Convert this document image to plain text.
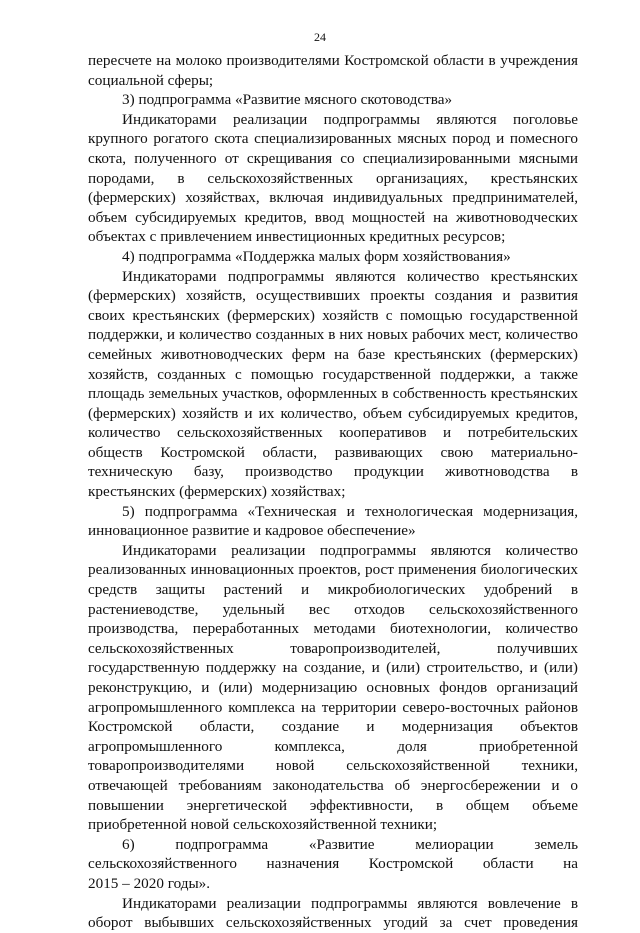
24
пересчете на молоко производителями Костромской области в учреждения
социальной сферы;
3) подпрограмма «Развитие мясного скотоводства»
Индикаторами реализации подпрограммы являются поголовье
крупного рогатого скота специализированных мясных пород и помесного
скота, полученного от скрещивания со специализированными мясными
породами, в сельскохозяйственных организациях, крестьянских
(фермерских) хозяйствах, включая индивидуальных предпринимателей,
объем субсидируемых кредитов, ввод мощностей на животноводческих
объектах с привлечением инвестиционных кредитных ресурсов;
4) подпрограмма «Поддержка малых форм хозяйствования»
Индикаторами подпрограммы являются количество крестьянских
(фермерских) хозяйств, осуществивших проекты создания и развития
своих крестьянских (фермерских) хозяйств с помощью государственной
поддержки, и количество созданных в них новых рабочих мест, количество
семейных животноводческих ферм на базе крестьянских (фермерских)
хозяйств, созданных с помощью государственной поддержки, а также
площадь земельных участков, оформленных в собственность крестьянских
(фермерских) хозяйств и их количество, объем субсидируемых кредитов,
количество сельскохозяйственных кооперативов и потребительских
обществ Костромской области, развивающих свою материально-
техническую базу, производство продукции животноводства в
крестьянских (фермерских) хозяйствах;
5) подпрограмма «Техническая и технологическая модернизация,
инновационное развитие и кадровое обеспечение»
Индикаторами реализации подпрограммы являются количество
реализованных инновационных проектов, рост применения биологических
средств защиты растений и микробиологических удобрений в
растениеводстве, удельный вес отходов сельскохозяйственного
производства, переработанных методами биотехнологии, количество
сельскохозяйственных товаропроизводителей, получивших
государственную поддержку на создание, и (или) строительство, и (или)
реконструкцию, и (или) модернизацию основных фондов организаций
агропромышленного комплекса на территории северо-восточных районов
Костромской области, создание и модернизация объектов
агропромышленного комплекса, доля приобретенной
товаропроизводителями новой сельскохозяйственной техники,
отвечающей требованиям законодательства об энергосбережении и о
повышении энергетической эффективности, в общем объеме
приобретенной новой сельскохозяйственной техники;
6) подпрограмма «Развитие мелиорации земель
сельскохозяйственного назначения Костромской области на
2015 – 2020 годы».
Индикаторами реализации подпрограммы являются вовлечение в
оборот выбывших сельскохозяйственных угодий за счет проведения
